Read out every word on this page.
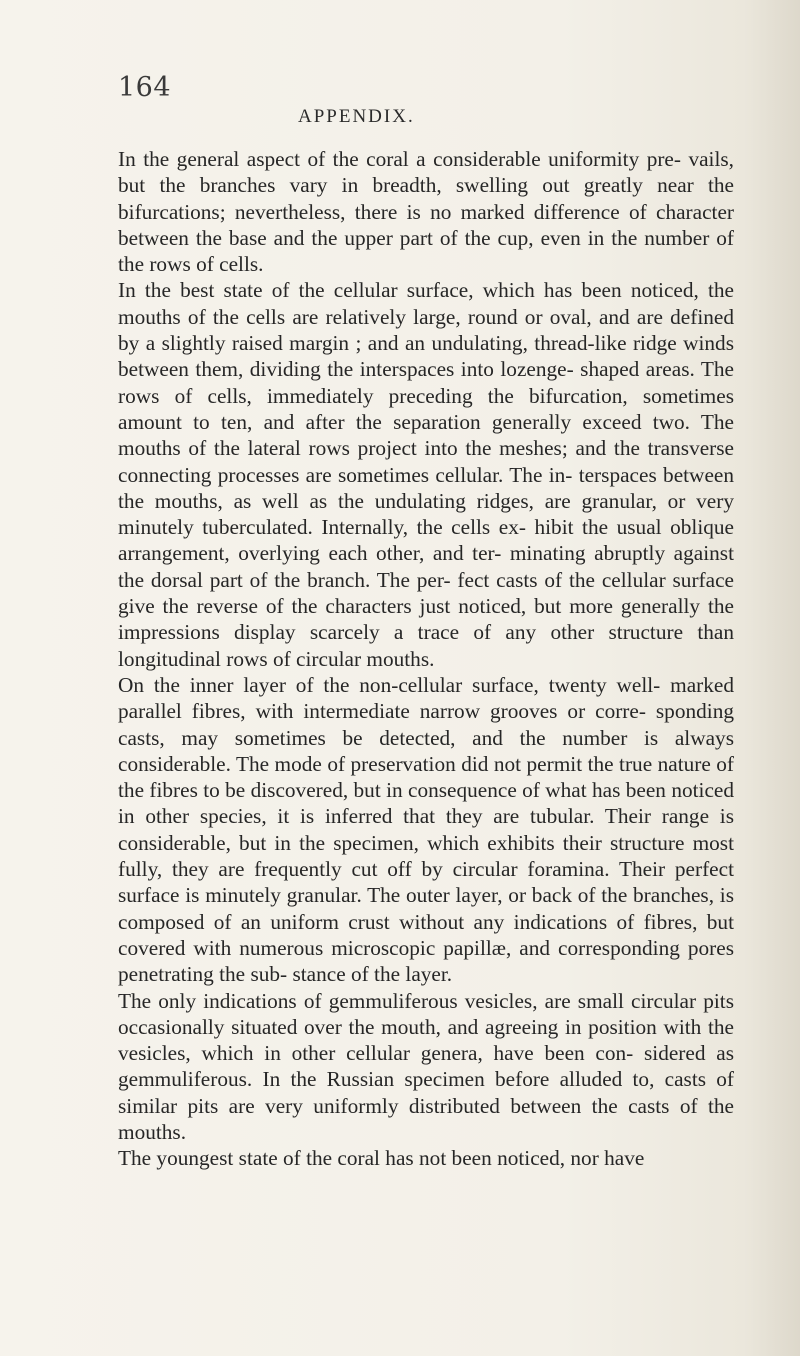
164
APPENDIX.

In the general aspect of the coral a considerable uniformity pre- vails, but the branches vary in breadth, swelling out greatly near the bifurcations; nevertheless, there is no marked difference of character between the base and the upper part of the cup, even in the number of the rows of cells.

In the best state of the cellular surface, which has been noticed, the mouths of the cells are relatively large, round or oval, and are defined by a slightly raised margin ; and an undulating, thread-like ridge winds between them, dividing the interspaces into lozenge- shaped areas. The rows of cells, immediately preceding the bifurcation, sometimes amount to ten, and after the separation generally exceed two. The mouths of the lateral rows project into the meshes; and the transverse connecting processes are sometimes cellular. The in- terspaces between the mouths, as well as the undulating ridges, are granular, or very minutely tuberculated. Internally, the cells ex- hibit the usual oblique arrangement, overlying each other, and ter- minating abruptly against the dorsal part of the branch. The per- fect casts of the cellular surface give the reverse of the characters just noticed, but more generally the impressions display scarcely a trace of any other structure than longitudinal rows of circular mouths.

On the inner layer of the non-cellular surface, twenty well- marked parallel fibres, with intermediate narrow grooves or corre- sponding casts, may sometimes be detected, and the number is always considerable. The mode of preservation did not permit the true nature of the fibres to be discovered, but in consequence of what has been noticed in other species, it is inferred that they are tubular. Their range is considerable, but in the specimen, which exhibits their structure most fully, they are frequently cut off by circular foramina. Their perfect surface is minutely granular. The outer layer, or back of the branches, is composed of an uniform crust without any indications of fibres, but covered with numerous microscopic papillæ, and corresponding pores penetrating the sub- stance of the layer.

The only indications of gemmuliferous vesicles, are small circular pits occasionally situated over the mouth, and agreeing in position with the vesicles, which in other cellular genera, have been con- sidered as gemmuliferous. In the Russian specimen before alluded to, casts of similar pits are very uniformly distributed between the casts of the mouths.

The youngest state of the coral has not been noticed, nor have
